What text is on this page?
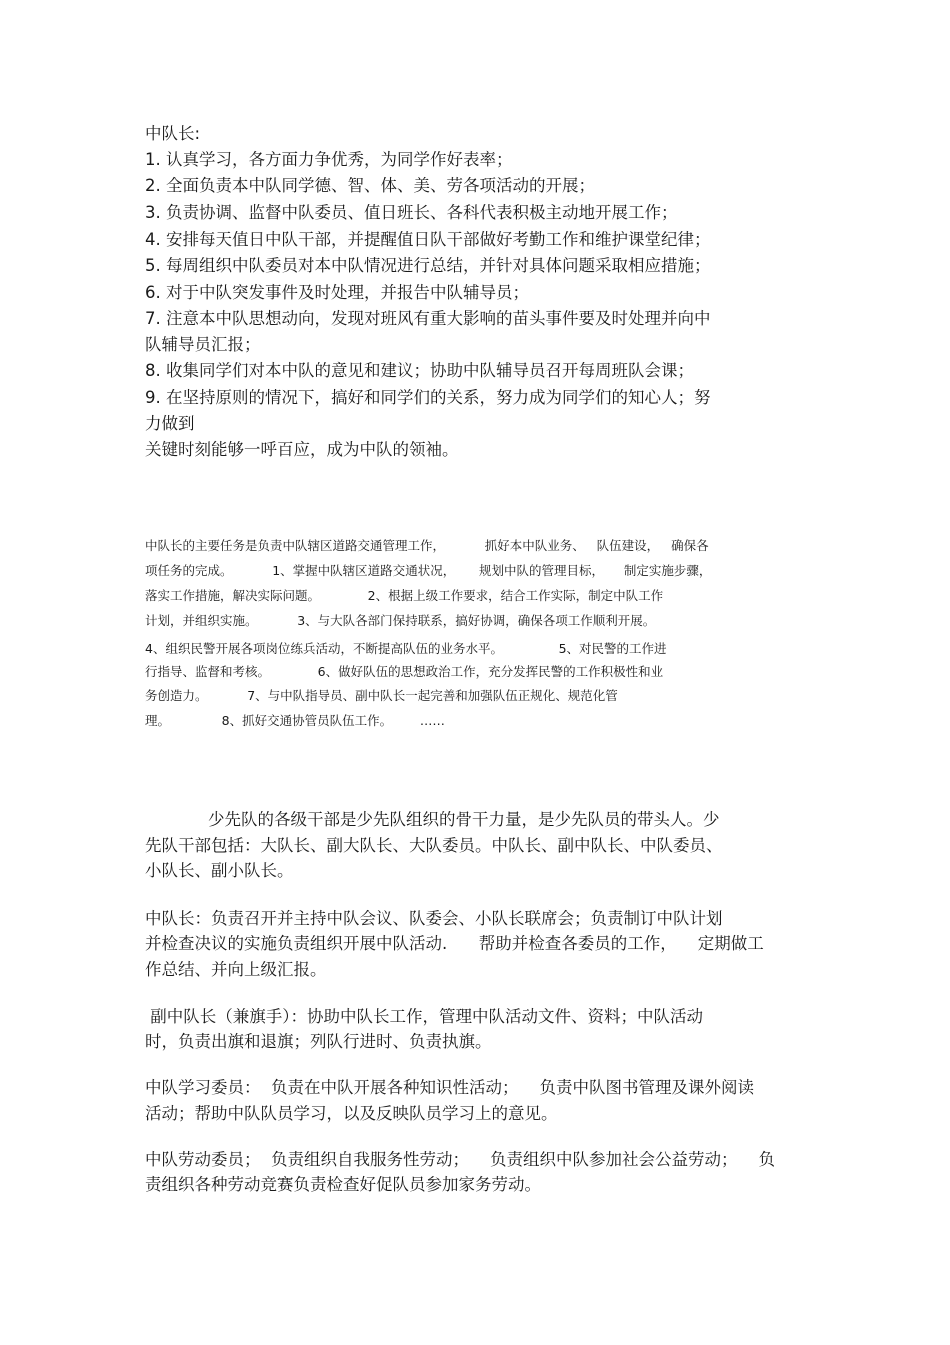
中队长:
1. 认真学习，各方面力争优秀，为同学作好表率；
2. 全面负责本中队同学德、智、体、美、劳各项活动的开展；
3. 负责协调、监督中队委员、值日班长、各科代表积极主动地开展工作；
4. 安排每天值日中队干部，并提醒值日队干部做好考勤工作和维护课堂纪律；
5. 每周组织中队委员对本中队情况进行总结，并针对具体问题采取相应措施；
6. 对于中队突发事件及时处理，并报告中队辅导员；
7. 注意本中队思想动向，发现对班风有重大影响的苗头事件要及时处理并向中
队辅导员汇报；
8. 收集同学们对本中队的意见和建议；协助中队辅导员召开每周班队会课；
9. 在坚持原则的情况下，搞好和同学们的关系，努力成为同学们的知心人；努
力做到
关键时刻能够一呼百应，成为中队的领袖。
中队长的主要任务是负责中队辖区道路交通管理工作，          抓好本中队业务、   队伍建设，   确保各
项任务的完成。          1、掌握中队辖区道路交通状况，      规划中队的管理目标，     制定实施步骤，
落实工作措施，解决实际问题。            2、根据上级工作要求，结合工作实际，制定中队工作
计划，并组织实施。          3、与大队各部门保持联系，搞好协调，确保各项工作顺利开展。
4、组织民警开展各项岗位练兵活动，不断提高队伍的业务水平。              5、对民警的工作进
行指导、监督和考核。            6、做好队伍的思想政治工作，充分发挥民警的工作积极性和业
务创造力。          7、与中队指导员、副中队长一起完善和加强队伍正规化、规范化管
理。             8、抓好交通协管员队伍工作。       ……
少先队的各级干部是少先队组织的骨干力量，是少先队员的带头人。少
先队干部包括：大队长、副大队长、大队委员。中队长、副中队长、中队委员、
小队长、副小队长。
中队长：负责召开并主持中队会议、队委会、小队长联席会；负责制订中队计划
并检查决议的实施负责组织开展中队活动.      帮助并检查各委员的工作，    定期做工
作总结、并向上级汇报。
副中队长（兼旗手）：协助中队长工作，管理中队活动文件、资料；中队活动
时，负责出旗和退旗；列队行进时、负责执旗。
中队学习委员：  负责在中队开展各种知识性活动；    负责中队图书管理及课外阅读
活动；帮助中队队员学习，以及反映队员学习上的意见。
中队劳动委员；  负责组织自我服务性劳动；    负责组织中队参加社会公益劳动；    负
责组织各种劳动竞赛负责检查好促队员参加家务劳动。
